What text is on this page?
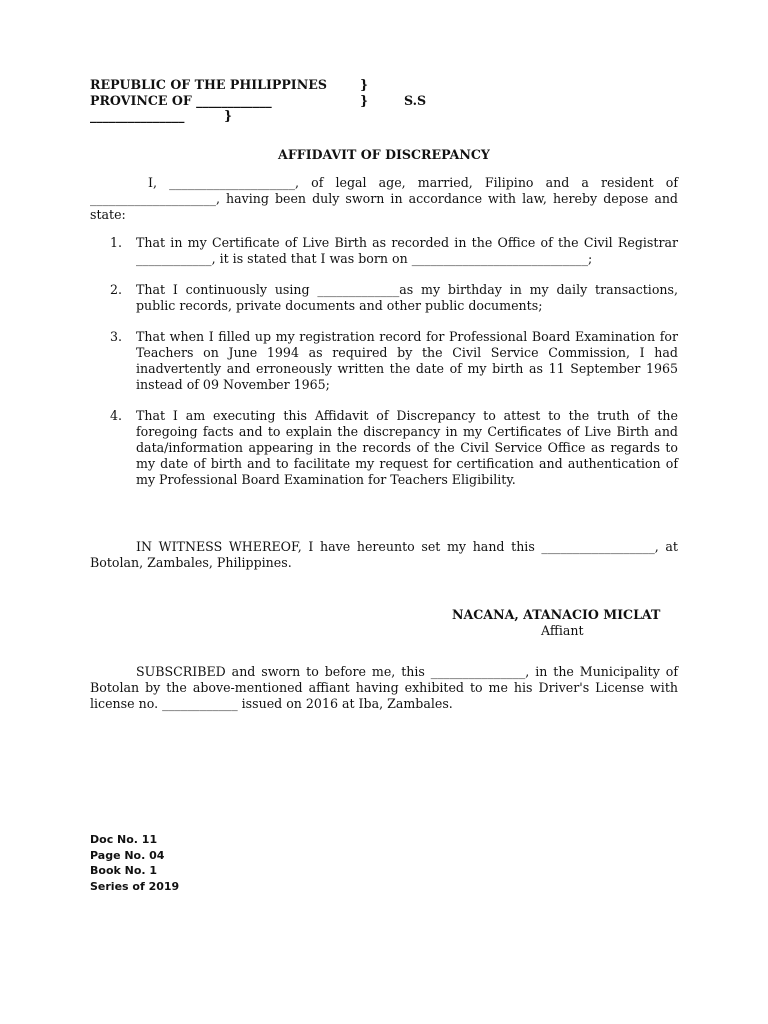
REPUBLIC OF THE PHILIPPINES	}
PROVINCE OF ____________	}	S.S
_______________	}
AFFIDAVIT OF DISCREPANCY
I, ____________________, of legal age, married, Filipino and a resident of ____________________, having been duly sworn in accordance with law, hereby depose and state:
1. That in my Certificate of Live Birth as recorded in the Office of the Civil Registrar ____________, it is stated that I was born on ____________________________;
2. That I continuously using _____________as my birthday in my daily transactions, public records, private documents and other public documents;
3. That when I filled up my registration record for Professional Board Examination for Teachers on June 1994 as required by the Civil Service Commission, I had inadvertently and erroneously written the date of my birth as 11 September 1965 instead of 09 November 1965;
4. That I am executing this Affidavit of Discrepancy to attest to the truth of the foregoing facts and to explain the discrepancy in my Certificates of Live Birth and data/information appearing in the records of the Civil Service Office as regards to my date of birth and to facilitate my request for certification and authentication of my Professional Board Examination for Teachers Eligibility.
IN WITNESS WHEREOF, I have hereunto set my hand this __________________, at Botolan, Zambales, Philippines.
NACANA, ATANACIO MICLAT
Affiant
SUBSCRIBED and sworn to before me, this _______________, in the Municipality of Botolan by the above-mentioned affiant having exhibited to me his Driver's License with license no. ____________ issued on 2016 at Iba, Zambales.
Doc No. 11
Page No. 04
Book No. 1
Series of 2019
